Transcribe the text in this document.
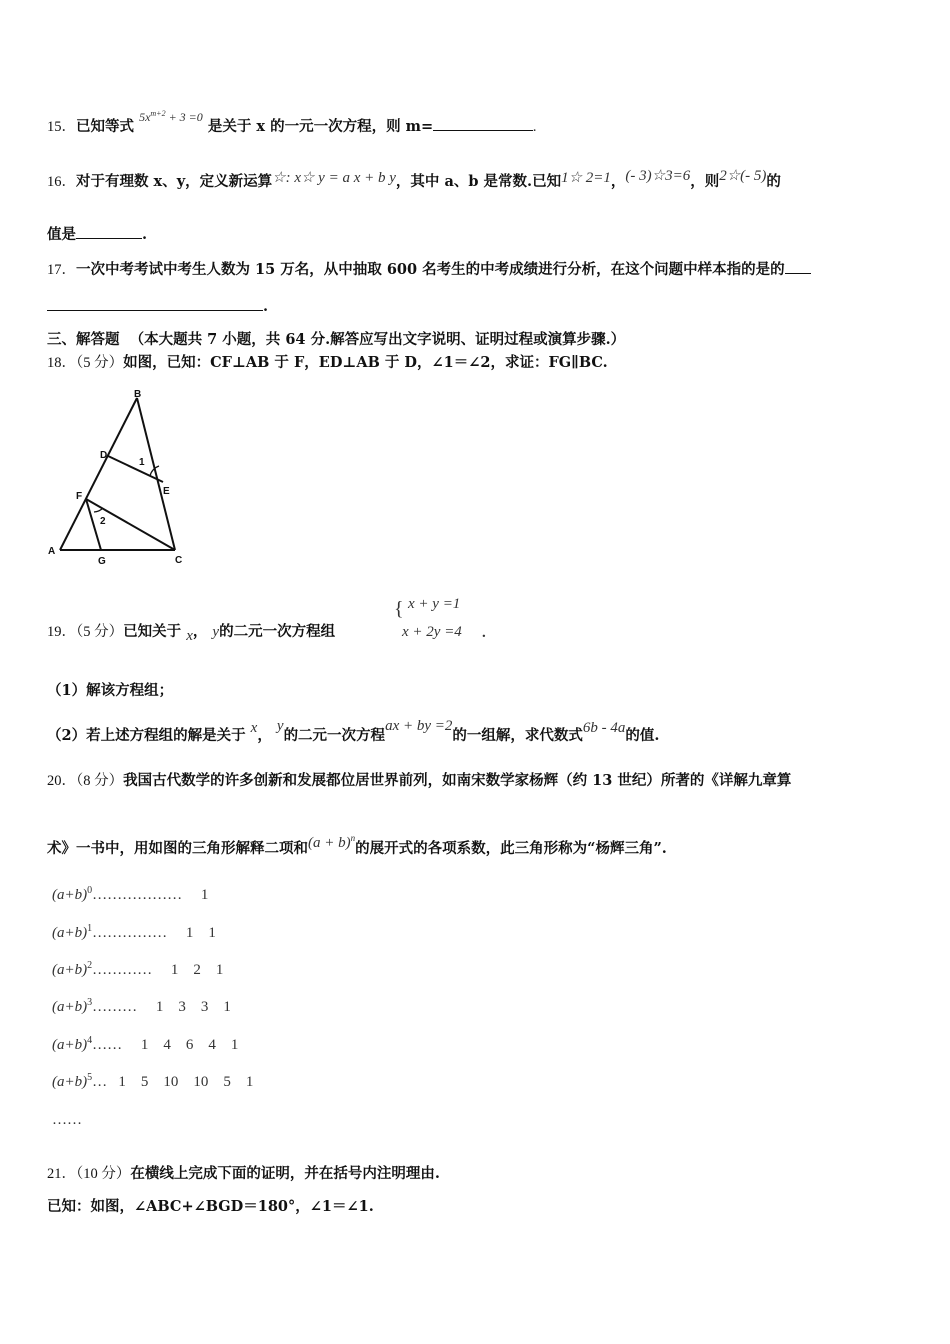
15．已知等式 $^{5x^{m+2} + 3 =0}$ 是关于 x 的一元一次方程，则 m=	.
16．对于有理数 x、y，定义新运算☆: x☆ y = a x + b y，其中 a、b 是常数.已知1☆ 2=1，(- 3)☆3=6，则2☆(- 5)的
值是	.
17．一次中考考试中考生人数为 15 万名，从中抽取 600 名考生的中考成绩进行分析，在这个问题中样本指的是的
.
三、解答题 （本大题共 7 小题，共 64 分.解答应写出文字说明、证明过程或演算步骤.）
18．（5 分）如图，已知：CF⊥AB 于 F，ED⊥AB 于 D，∠1＝∠2，求证：FG∥BC.
B
D
E
F
A
G	C
1
2
19．（5 分）已知关于 x， y的二元一次方程组
{ x + y =1
x + 2y =4 .
（1）解该方程组；
（2）若上述方程组的解是关于 x， y的二元一次方程ax + by =2的一组解，求代数式6b - 4a的值.
20．（8 分）我国古代数学的许多创新和发展都位居世界前列，如南宋数学家杨辉（约 13 世纪）所著的《详解九章算
术》一书中，用如图的三角形解释二项和$(a + b)^n$的展开式的各项系数，此三角形称为“杨辉三角”.
$(a+b)^0\dots\dots\dots\dots\dots\dots$ 1
$(a+b)^1\dots\dots\dots\dots\dots$ 1    1
$(a+b)^2\dots\dots\dots\dots$ 1    2    1
$(a+b)^3\dots\dots\dots$ 1    3    3    1
$(a+b)^4\dots\dots$ 1    4    6    4    1
$(a+b)^5\dots$ 1    5    10    10    5    1
……
21．（10 分）在横线上完成下面的证明，并在括号内注明理由.
已知：如图，∠ABC+∠BGD＝180°，∠1＝∠1.
